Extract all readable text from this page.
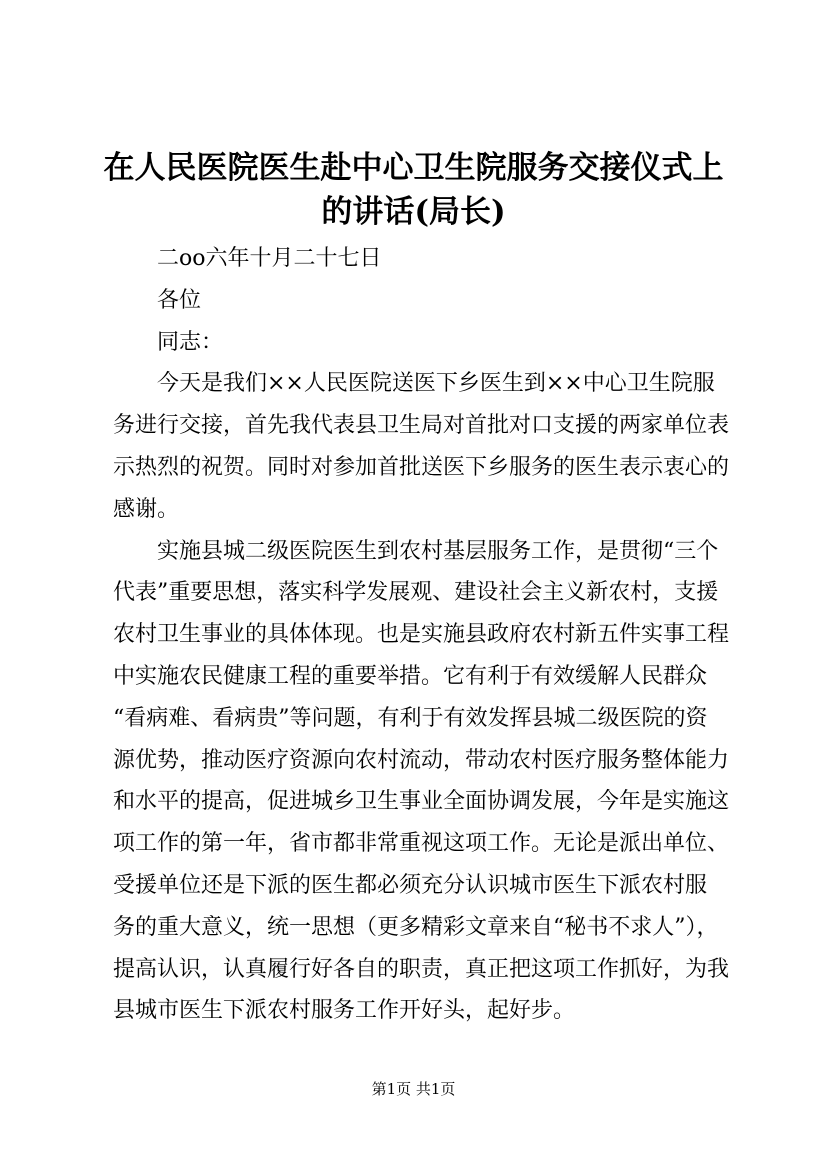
在人民医院医生赴中心卫生院服务交接仪式上
的讲话(局长)

二oo六年十月二十七日

各位

同志：

今天是我们××人民医院送医下乡医生到××中心卫生院服
务进行交接，首先我代表县卫生局对首批对口支援的两家单位表
示热烈的祝贺。同时对参加首批送医下乡服务的医生表示衷心的
感谢。

实施县城二级医院医生到农村基层服务工作，是贯彻“三个
代表”重要思想，落实科学发展观、建设社会主义新农村，支援
农村卫生事业的具体体现。也是实施县政府农村新五件实事工程
中实施农民健康工程的重要举措。它有利于有效缓解人民群众
“看病难、看病贵”等问题，有利于有效发挥县城二级医院的资
源优势，推动医疗资源向农村流动，带动农村医疗服务整体能力
和水平的提高，促进城乡卫生事业全面协调发展，今年是实施这
项工作的第一年，省市都非常重视这项工作。无论是派出单位、
受援单位还是下派的医生都必须充分认识城市医生下派农村服
务的重大意义，统一思想（更多精彩文章来自“秘书不求人”），
提高认识，认真履行好各自的职责，真正把这项工作抓好，为我
县城市医生下派农村服务工作开好头，起好步。

第1页 共1页
